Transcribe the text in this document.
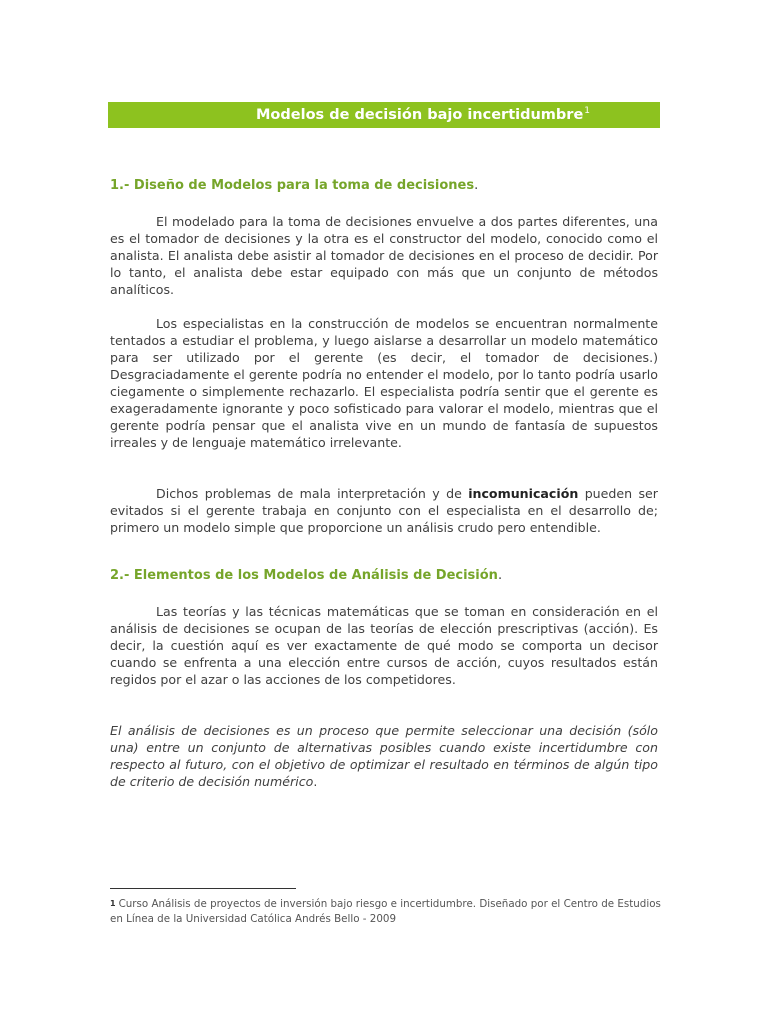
Modelos de decisión bajo incertidumbre$^1$
1.- Diseño de Modelos para la toma de decisiones.

El modelado para la toma de decisiones envuelve a dos partes diferentes, una es el tomador de decisiones y la otra es el constructor del modelo, conocido como el analista. El analista debe asistir al tomador de decisiones en el proceso de decidir. Por lo tanto, el analista debe estar equipado con más que un conjunto de métodos analíticos.

Los especialistas en la construcción de modelos se encuentran normalmente tentados a estudiar el problema, y luego aislarse a desarrollar un modelo matemático para ser utilizado por el gerente (es decir, el tomador de decisiones.) Desgraciadamente el gerente podría no entender el modelo, por lo tanto podría usarlo ciegamente o simplemente rechazarlo. El especialista podría sentir que el gerente es exageradamente ignorante y poco sofisticado para valorar el modelo, mientras que el gerente podría pensar que el analista vive en un mundo de fantasía de supuestos irreales y de lenguaje matemático irrelevante.

Dichos problemas de mala interpretación y de incomunicación pueden ser evitados si el gerente trabaja en conjunto con el especialista en el desarrollo de; primero un modelo simple que proporcione un análisis crudo pero entendible.

2.- Elementos de los Modelos de Análisis de Decisión.

Las teorías y las técnicas matemáticas que se toman en consideración en el análisis de decisiones se ocupan de las teorías de elección prescriptivas (acción). Es decir, la cuestión aquí es ver exactamente de qué modo se comporta un decisor cuando se enfrenta a una elección entre cursos de acción, cuyos resultados están regidos por el azar o las acciones de los competidores.

El análisis de decisiones es un proceso que permite seleccionar una decisión (sólo una) entre un conjunto de alternativas posibles cuando existe incertidumbre con respecto al futuro, con el objetivo de optimizar el resultado en términos de algún tipo de criterio de decisión numérico.

1 Curso Análisis de proyectos de inversión bajo riesgo e incertidumbre. Diseñado por el Centro de Estudios en Línea de la Universidad Católica Andrés Bello - 2009
